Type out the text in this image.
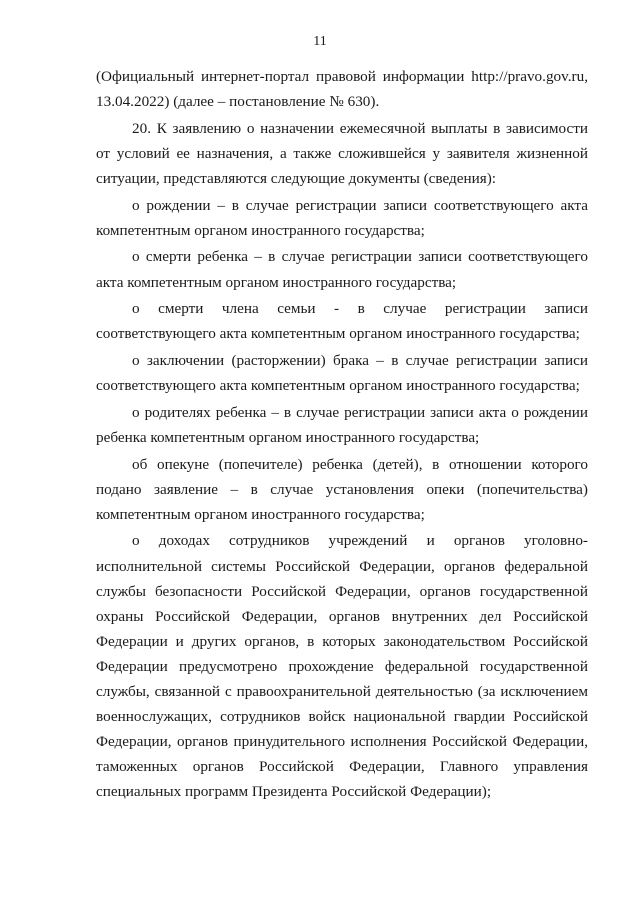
11

(Официальный интернет-портал правовой информации http://pravo.gov.ru, 13.04.2022) (далее – постановление № 630).

20. К заявлению о назначении ежемесячной выплаты в зависимости от условий ее назначения, а также сложившейся у заявителя жизненной ситуации, представляются следующие документы (сведения):

о рождении – в случае регистрации записи соответствующего акта компетентным органом иностранного государства;

о смерти ребенка – в случае регистрации записи соответствующего акта компетентным органом иностранного государства;

о смерти члена семьи - в случае регистрации записи соответствующего акта компетентным органом иностранного государства;

о заключении (расторжении) брака – в случае регистрации записи соответствующего акта компетентным органом иностранного государства;

о родителях ребенка – в случае регистрации записи акта о рождении ребенка компетентным органом иностранного государства;

об опекуне (попечителе) ребенка (детей), в отношении которого подано заявление – в случае установления опеки (попечительства) компетентным органом иностранного государства;

о доходах сотрудников учреждений и органов уголовно-исполнительной системы Российской Федерации, органов федеральной службы безопасности Российской Федерации, органов государственной охраны Российской Федерации, органов внутренних дел Российской Федерации и других органов, в которых законодательством Российской Федерации предусмотрено прохождение федеральной государственной службы, связанной с правоохранительной деятельностью (за исключением военнослужащих, сотрудников войск национальной гвардии Российской Федерации, органов принудительного исполнения Российской Федерации, таможенных органов Российской Федерации, Главного управления специальных программ Президента Российской Федерации);
